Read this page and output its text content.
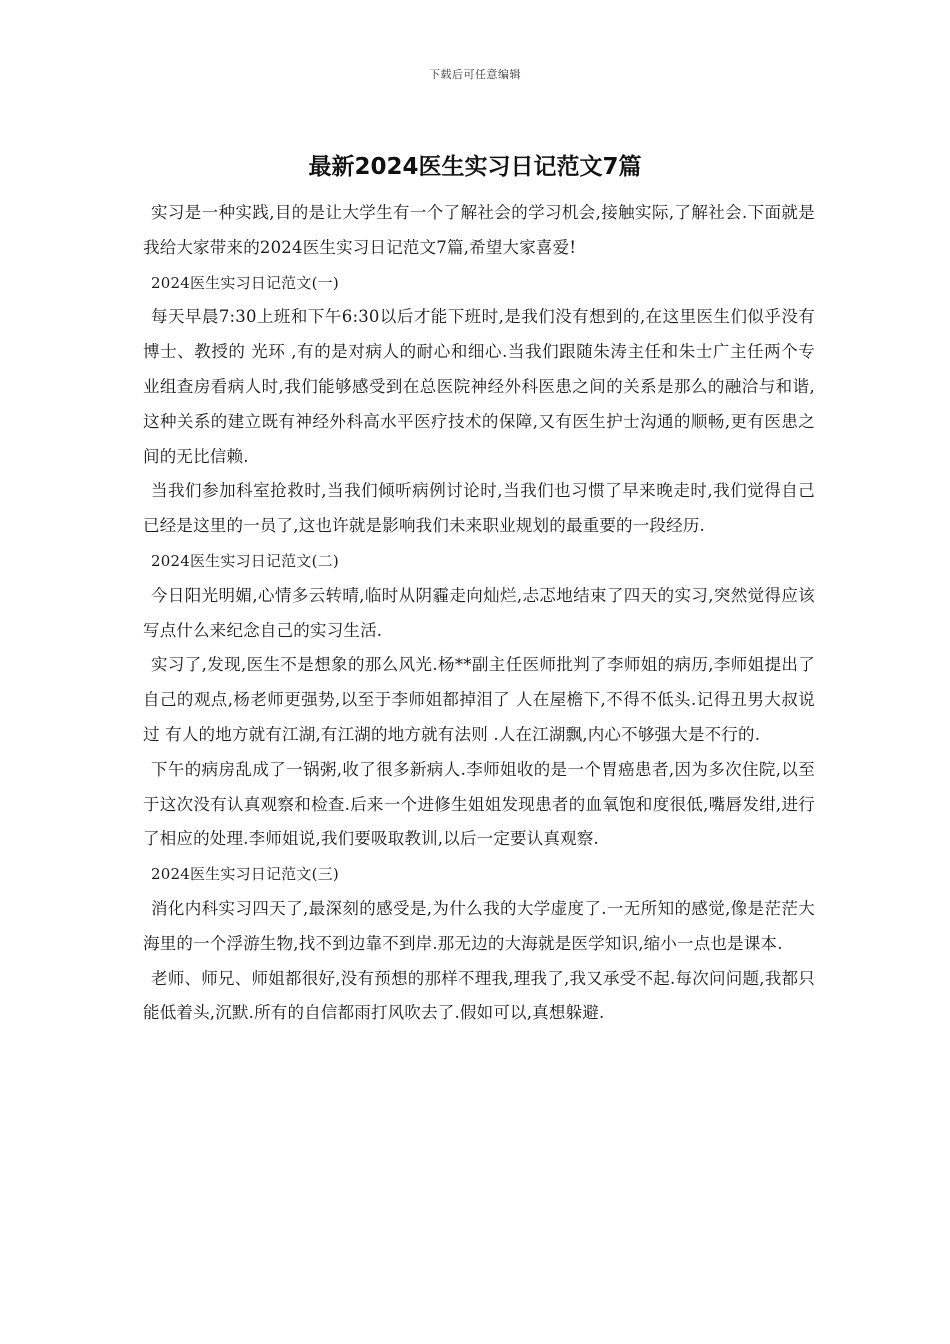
下载后可任意编辑
最新2024医生实习日记范文7篇

实习是一种实践,目的是让大学生有一个了解社会的学习机会,接触实际,了解社会.下面就是我给大家带来的2024医生实习日记范文7篇,希望大家喜爱!

2024医生实习日记范文(一)

每天早晨7:30上班和下午6:30以后才能下班时,是我们没有想到的,在这里医生们似乎没有博士、教授的 光环 ,有的是对病人的耐心和细心.当我们跟随朱涛主任和朱士广主任两个专业组查房看病人时,我们能够感受到在总医院神经外科医患之间的关系是那么的融洽与和谐,这种关系的建立既有神经外科高水平医疗技术的保障,又有医生护士沟通的顺畅,更有医患之间的无比信赖.

当我们参加科室抢救时,当我们倾听病例讨论时,当我们也习惯了早来晚走时,我们觉得自己已经是这里的一员了,这也许就是影响我们未来职业规划的最重要的一段经历.

2024医生实习日记范文(二)

今日阳光明媚,心情多云转晴,临时从阴霾走向灿烂,忐忑地结束了四天的实习,突然觉得应该写点什么来纪念自己的实习生活.

实习了,发现,医生不是想象的那么风光.杨**副主任医师批判了李师姐的病历,李师姐提出了自己的观点,杨老师更强势,以至于李师姐都掉泪了 人在屋檐下,不得不低头.记得丑男大叔说过 有人的地方就有江湖,有江湖的地方就有法则 .人在江湖飘,内心不够强大是不行的.

下午的病房乱成了一锅粥,收了很多新病人.李师姐收的是一个胃癌患者,因为多次住院,以至于这次没有认真观察和检查.后来一个进修生姐姐发现患者的血氧饱和度很低,嘴唇发绀,进行了相应的处理.李师姐说,我们要吸取教训,以后一定要认真观察.

2024医生实习日记范文(三)

消化内科实习四天了,最深刻的感受是,为什么我的大学虚度了.一无所知的感觉,像是茫茫大海里的一个浮游生物,找不到边靠不到岸.那无边的大海就是医学知识,缩小一点也是课本.

老师、师兄、师姐都很好,没有预想的那样不理我,理我了,我又承受不起.每次问问题,我都只能低着头,沉默.所有的自信都雨打风吹去了.假如可以,真想躲避.
